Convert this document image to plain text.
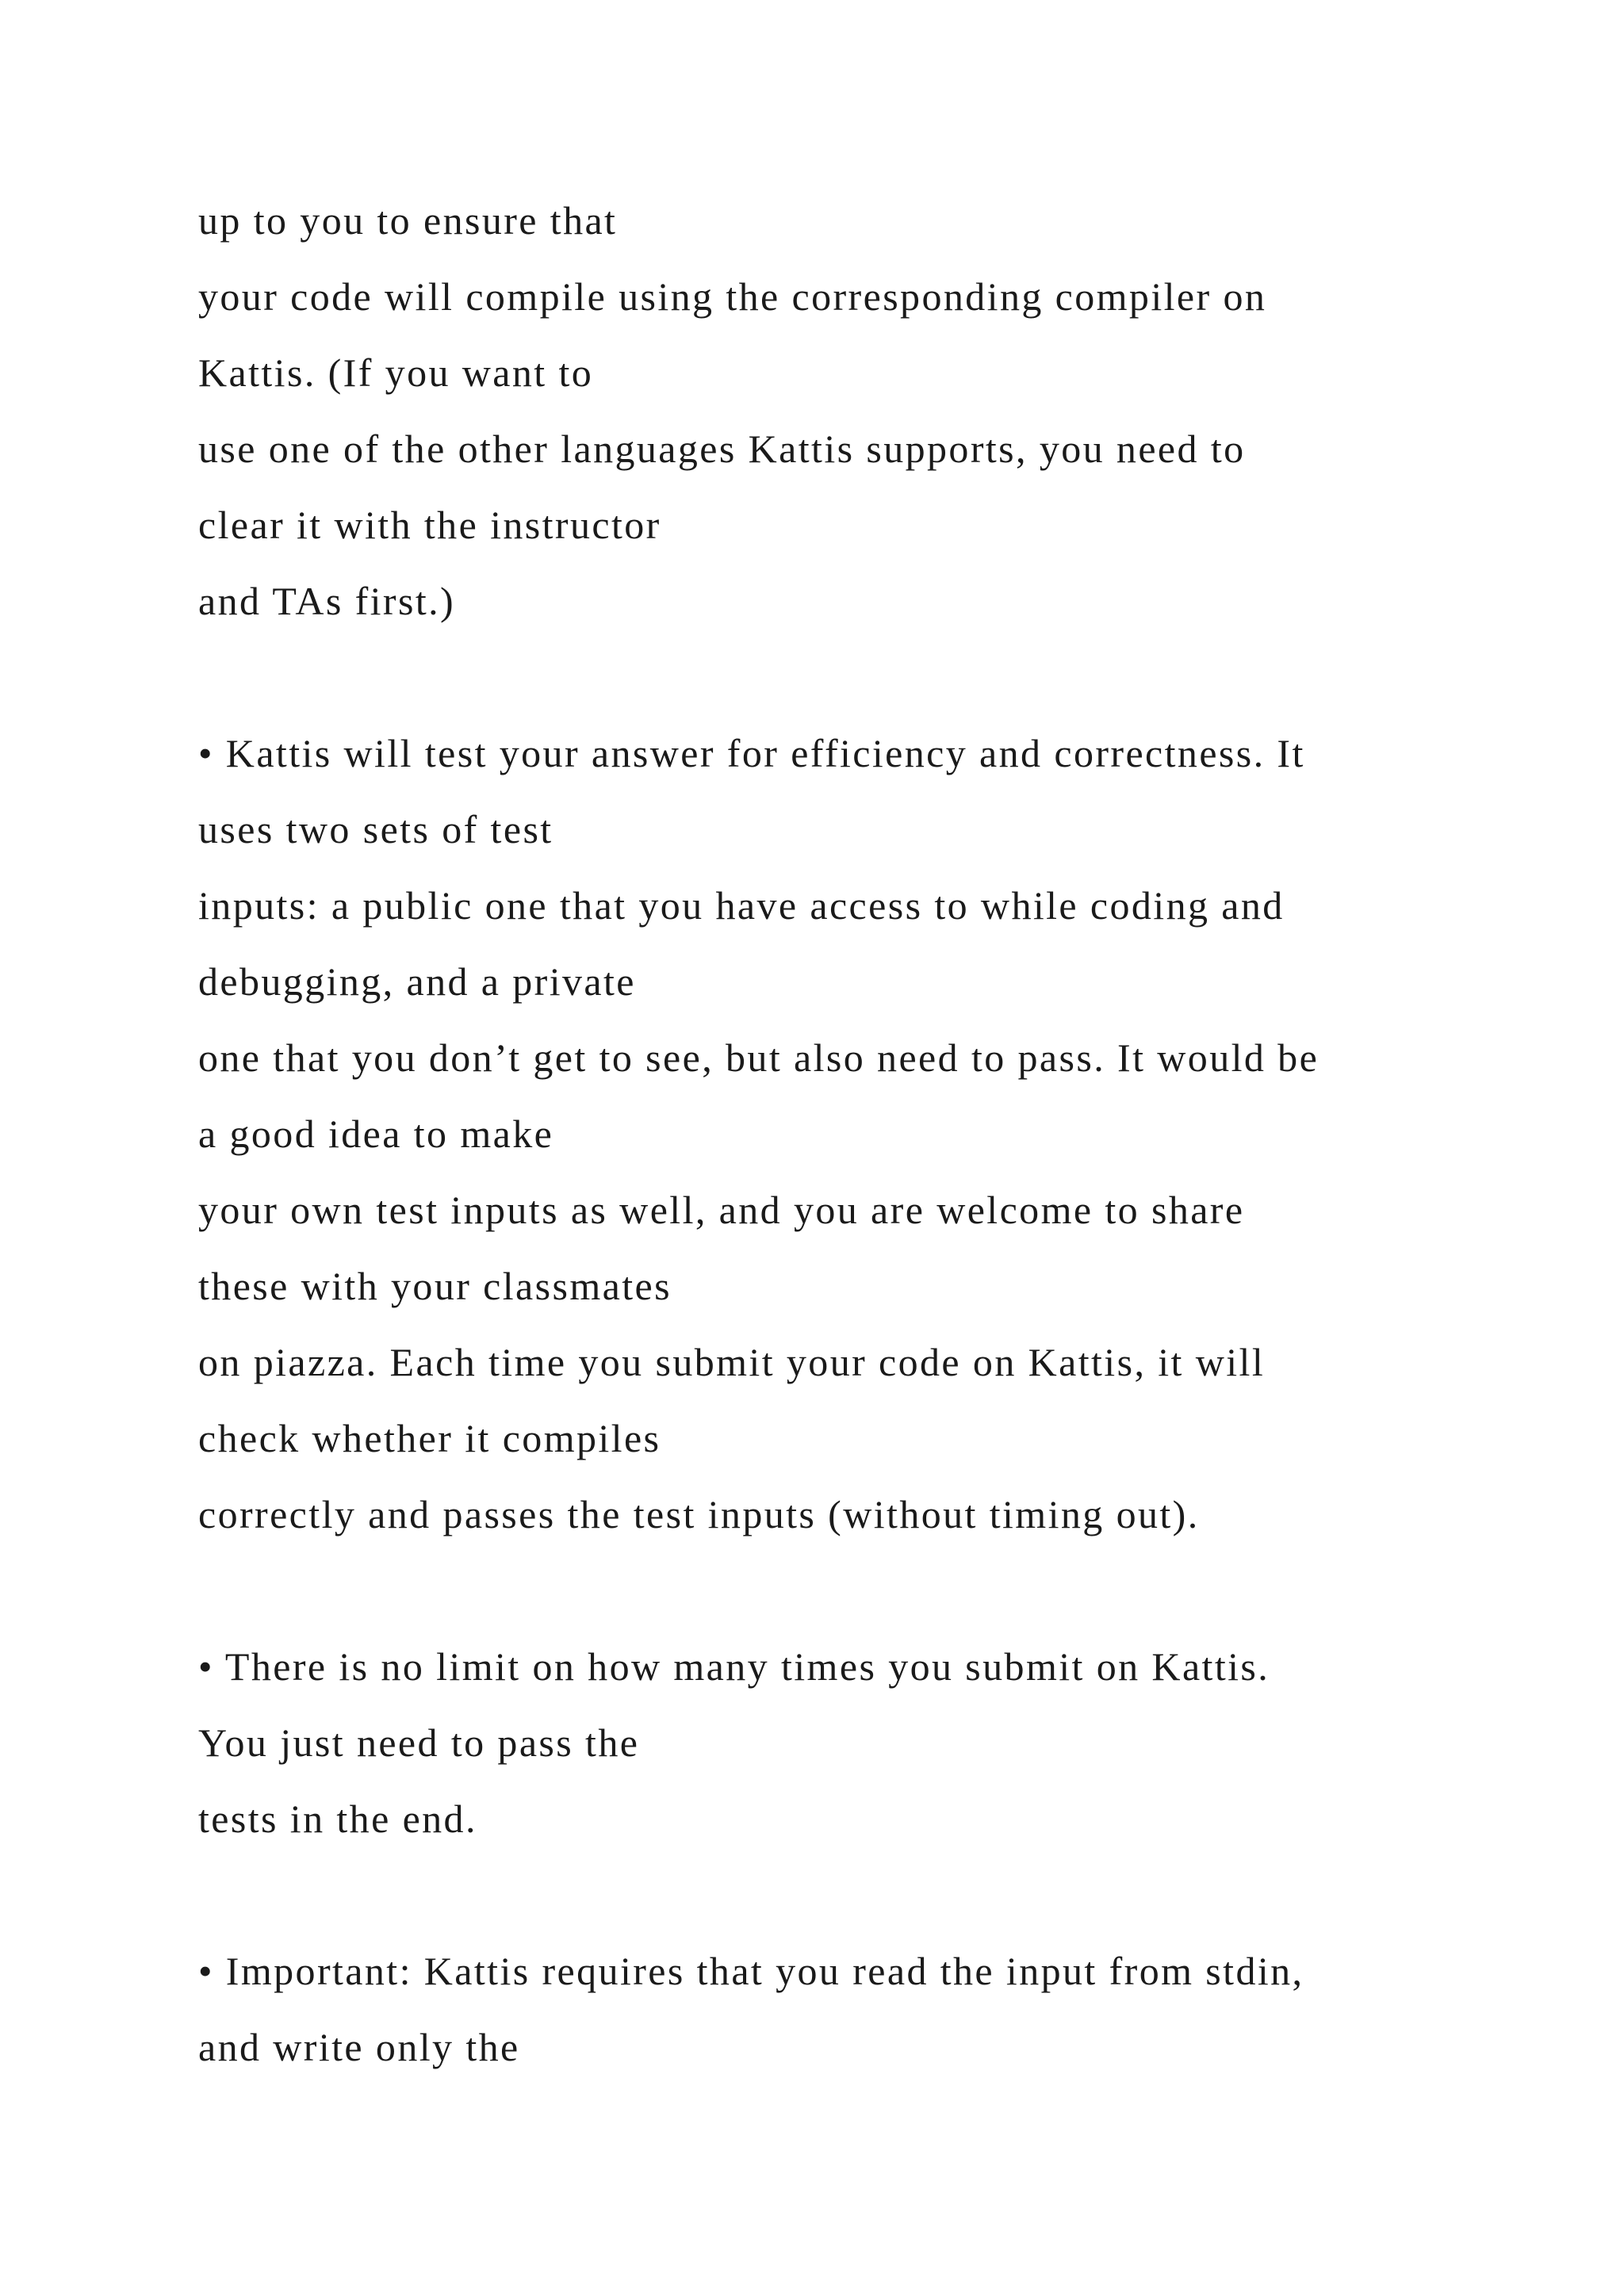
up to you to ensure that
your code will compile using the corresponding compiler on
Kattis. (If you want to
use one of the other languages Kattis supports, you need to
clear it with the instructor
and TAs first.)
• Kattis will test your answer for efficiency and correctness. It
uses two sets of test
inputs: a public one that you have access to while coding and
debugging, and a private
one that you don’t get to see, but also need to pass. It would be
a good idea to make
your own test inputs as well, and you are welcome to share
these with your classmates
on piazza. Each time you submit your code on Kattis, it will
check whether it compiles
correctly and passes the test inputs (without timing out).
• There is no limit on how many times you submit on Kattis.
You just need to pass the
tests in the end.
• Important: Kattis requires that you read the input from stdin,
and write only the
